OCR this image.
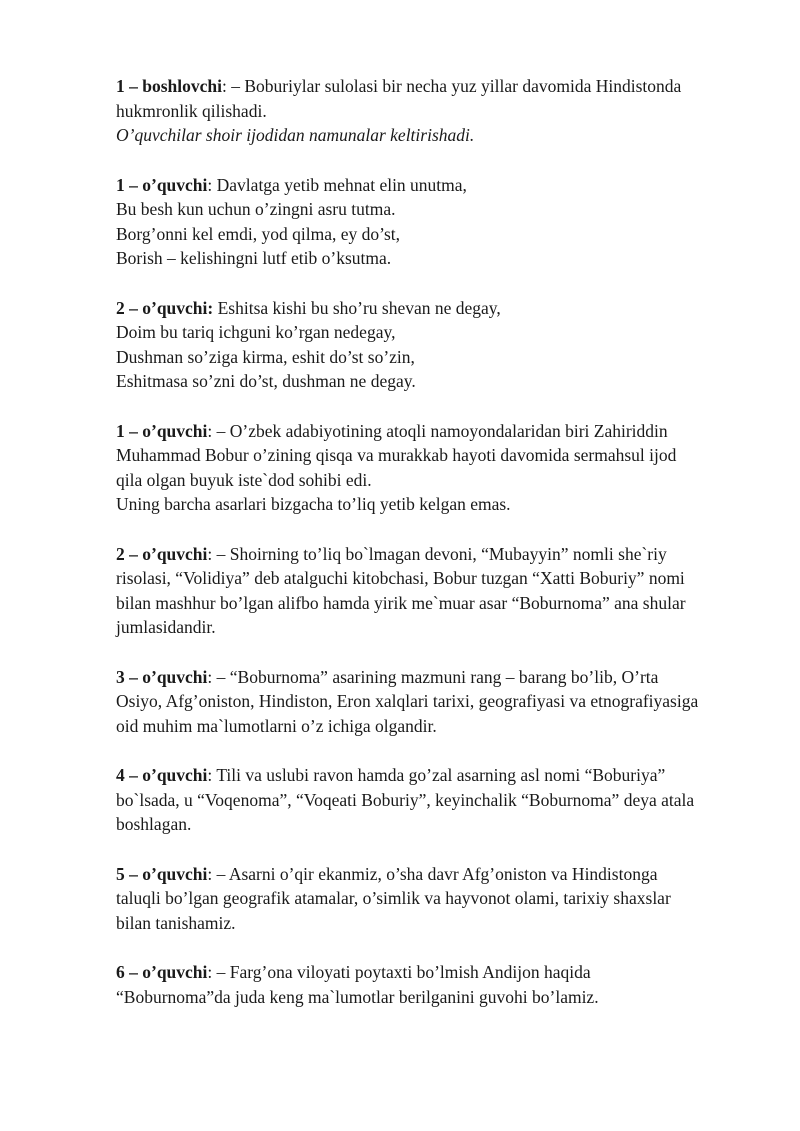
1 – boshlovchi: – Boburiylar sulolasi bir necha yuz yillar davomida Hindistonda
hukmronlik qilishadi.
O’quvchilar shoir ijodidan namunalar keltirishadi.
1 – o’quvchi: Davlatga yetib mehnat elin unutma,
Bu besh kun uchun o’zingni asru tutma.
Borg’onni kel emdi, yod qilma, ey do’st,
Borish – kelishingni lutf etib o’ksutma.
2 – o’quvchi: Eshitsa kishi bu sho’ru shevan ne degay,
Doim bu tariq ichguni ko’rgan nedegay,
Dushman so’ziga kirma, eshit do’st so’zin,
Eshitmasa so’zni do’st, dushman ne degay.
1 – o’quvchi: – O’zbek adabiyotining atoqli namoyondalaridan biri Zahiriddin
Muhammad Bobur o’zining qisqa va murakkab hayoti davomida sermahsul ijod
qila olgan buyuk iste`dod sohibi edi.
Uning barcha asarlari bizgacha to’liq yetib kelgan emas.
2 – o’quvchi: – Shoirning to’liq bo`lmagan devoni, “Mubayyin” nomli she`riy
risolasi, “Volidiya” deb atalguchi kitobchasi, Bobur tuzgan “Xatti Boburiy” nomi
bilan mashhur bo’lgan alifbo hamda yirik me`muar asar “Boburnoma” ana shular
jumlasidandir.
3 – o’quvchi: – “Boburnoma” asarining mazmuni rang – barang bo’lib, O’rta
Osiyo, Afg’oniston, Hindiston, Eron xalqlari tarixi, geografiyasi va etnografiyasiga
oid muhim ma`lumotlarni o’z ichiga olgandir.
4 – o’quvchi: Tili va uslubi ravon hamda go’zal asarning asl nomi “Boburiya”
bo`lsada, u “Voqenoma”, “Voqeati Boburiy”, keyinchalik “Boburnoma” deya atala
boshlagan.
5 – o’quvchi: – Asarni o’qir ekanmiz, o’sha davr Afg’oniston va Hindistonga
taluqli bo’lgan geografik atamalar, o’simlik va hayvonot olami, tarixiy shaxslar
bilan tanishamiz.
6 – o’quvchi: – Farg’ona viloyati poytaxti bo’lmish Andijon haqida
“Boburnoma”da juda keng ma`lumotlar berilganini guvohi bo’lamiz.
